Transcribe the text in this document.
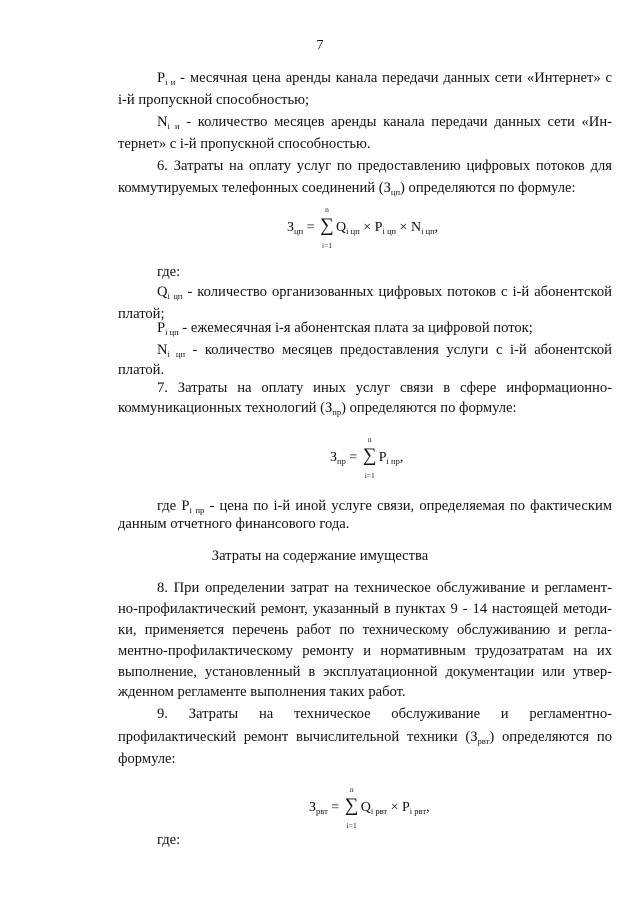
7
$P_{i и}$ - месячная цена аренды канала передачи данных сети «Интернет» с
i-й пропускной способностью;
$N_{i и}$ - количество месяцев аренды канала передачи данных сети «Ин-
тернет» с i-й пропускной способностью.
6. Затраты на оплату услуг по предоставлению цифровых потоков для
коммутируемых телефонных соединений $(З_{цп})$ определяются по формуле:
$З_{цп}$ =
n
∑
i=1
$Q_{i цп} \times P_{i цп} \times N_{i цп}$,
где:
$Q_{i цп}$ - количество организованных цифровых потоков с i-й абонентской
платой;
$P_{i цп}$ - ежемесячная i-я абонентская плата за цифровой поток;
$N_{i цп}$ - количество месяцев предоставления услуги с i-й абонентской
платой.
7. Затраты на оплату иных услуг связи в сфере информационно-
коммуникационных технологий $(З_{пр})$ определяются по формуле:
$З_{пр}$ =
n
∑
i=1
$P_{i пр}$,
где $P_{i пр}$ - цена по i-й иной услуге связи, определяемая по фактическим
данным отчетного финансового года.
Затраты на содержание имущества
8. При определении затрат на техническое обслуживание и регламент-
но-профилактический ремонт, указанный в пунктах 9 - 14 настоящей методи-
ки, применяется перечень работ по техническому обслуживанию и регла-
ментно-профилактическому ремонту и нормативным трудозатратам на их
выполнение, установленный в эксплуатационной документации или утвер-
жденном регламенте выполнения таких работ.
9. Затраты на техническое обслуживание и регламентно-
профилактический ремонт вычислительной техники $(З_{рвт})$ определяются по
формуле:
$З_{рвт}$ =
n
∑
i=1
$Q_{i рвт} \times P_{i рвт}$,
где:
